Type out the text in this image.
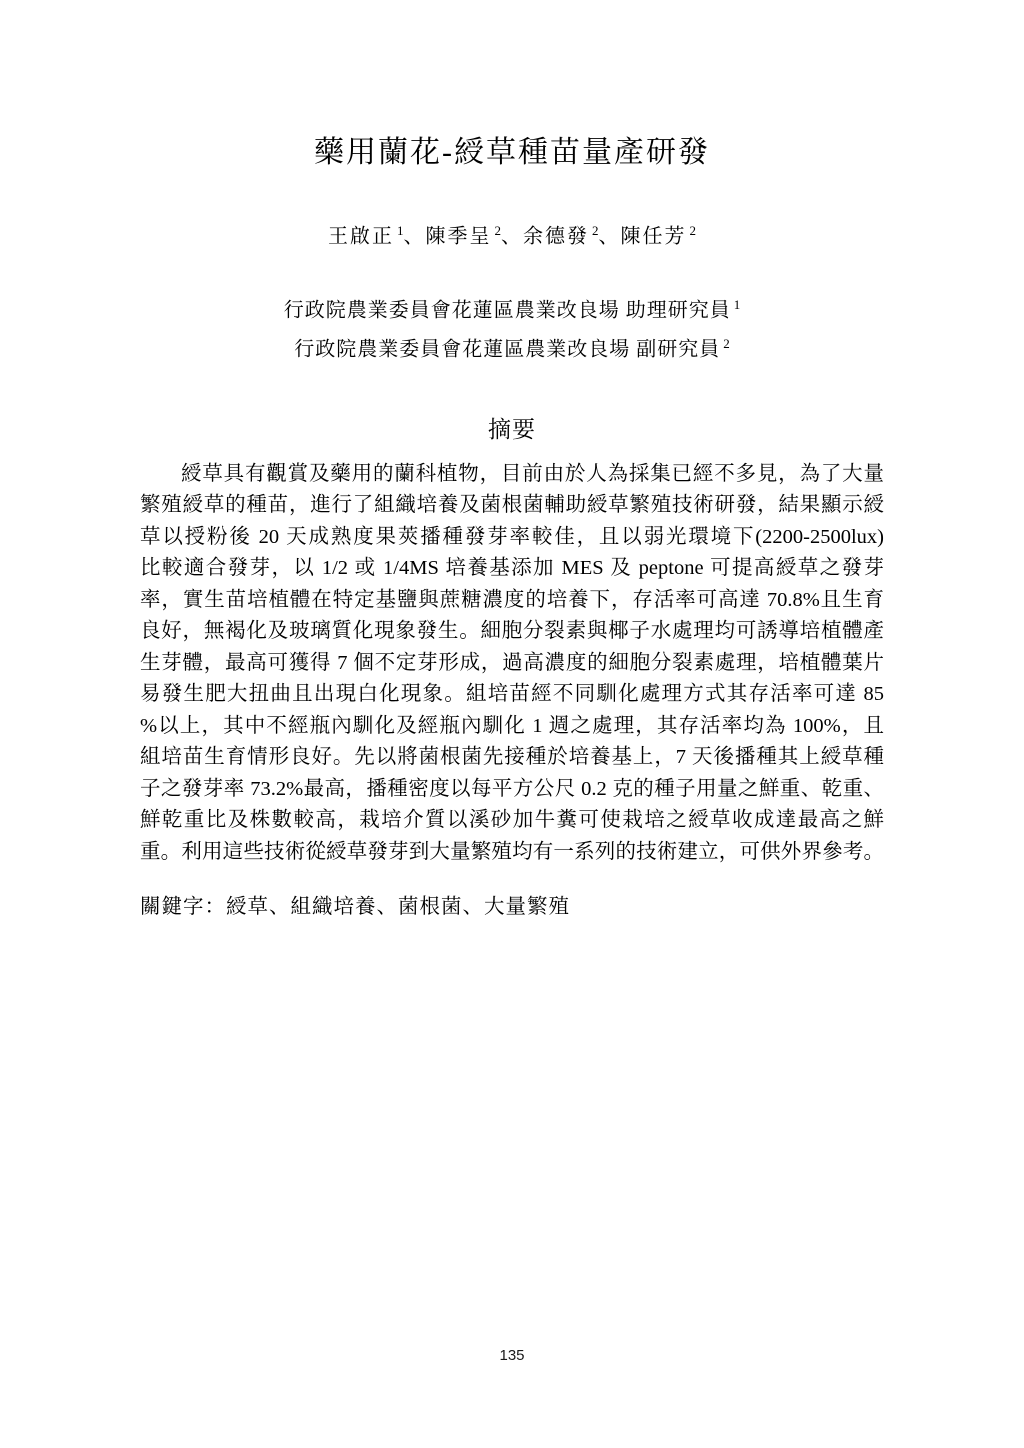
藥用蘭花-綬草種苗量產研發
王啟正 $^1$、陳季呈 $^2$、余德發 $^2$、陳任芳 $^2$
行政院農業委員會花蓮區農業改良場 助理研究員 $^1$
行政院農業委員會花蓮區農業改良場 副研究員 $^2$
摘要
綬草具有觀賞及藥用的蘭科植物，目前由於人為採集已經不多見，為了大量
繁殖綬草的種苗，進行了組織培養及菌根菌輔助綬草繁殖技術研發，結果顯示綬
草以授粉後 20 天成熟度果莢播種發芽率較佳，且以弱光環境下(2200-2500lux)
比較適合發芽，以 1/2 或 1/4MS 培養基添加 MES 及 peptone 可提高綬草之發芽
率，實生苗培植體在特定基鹽與蔗糖濃度的培養下，存活率可高達 70.8%且生育
良好，無褐化及玻璃質化現象發生。細胞分裂素與椰子水處理均可誘導培植體產
生芽體，最高可獲得 7 個不定芽形成，過高濃度的細胞分裂素處理，培植體葉片
易發生肥大扭曲且出現白化現象。組培苗經不同馴化處理方式其存活率可達 85
%以上，其中不經瓶內馴化及經瓶內馴化 1 週之處理，其存活率均為 100%，且
組培苗生育情形良好。先以將菌根菌先接種於培養基上，7 天後播種其上綬草種
子之發芽率 73.2%最高，播種密度以每平方公尺 0.2 克的種子用量之鮮重、乾重、
鮮乾重比及株數較高，栽培介質以溪砂加牛糞可使栽培之綬草收成達最高之鮮
重。利用這些技術從綬草發芽到大量繁殖均有一系列的技術建立，可供外界參考。
關鍵字：綬草、組織培養、菌根菌、大量繁殖
135
